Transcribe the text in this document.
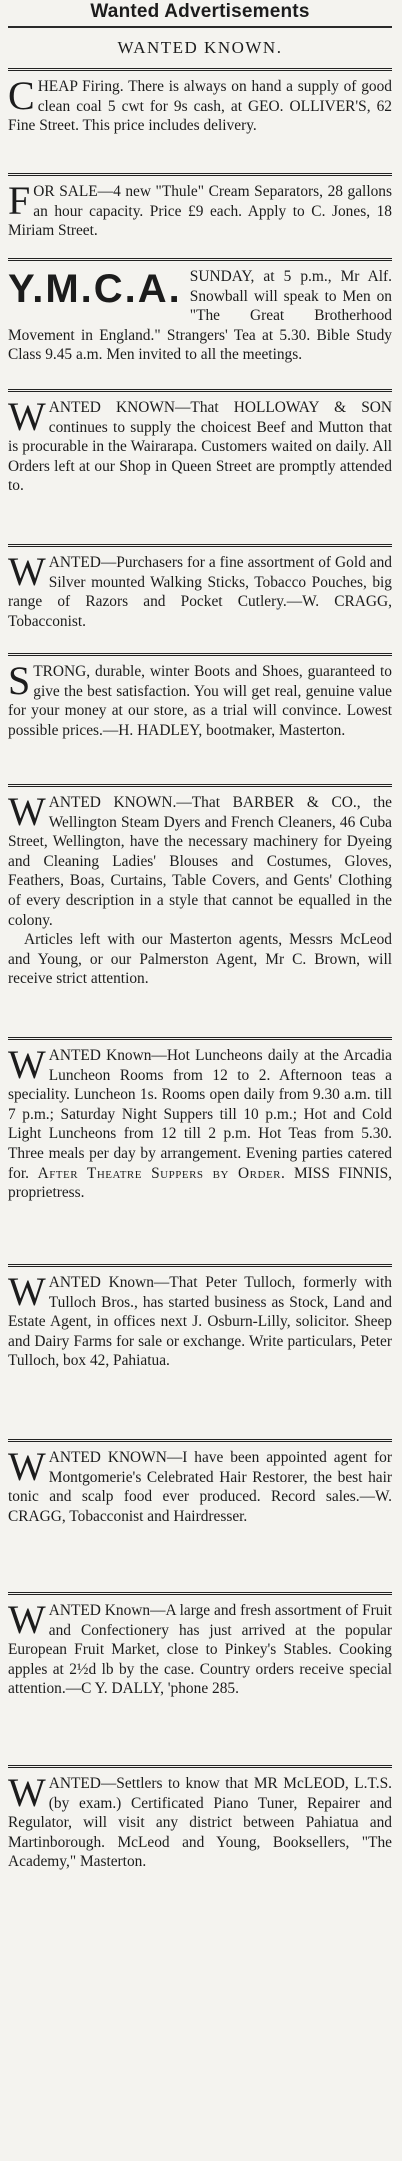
Wanted Advertisements
WANTED KNOWN.
CHEAP Firing. There is always on hand a supply of good clean coal 5 cwt for 9s cash, at GEO. OLLIVER'S, 62 Fine Street. This price includes delivery.
FOR SALE—4 new "Thule" Cream Separators, 28 gallons an hour capacity. Price £9 each. Apply to C. Jones, 18 Miriam Street.
Y.M.C.A. SUNDAY, at 5 p.m., Mr Alf. Snowball will speak to Men on "The Great Brotherhood Movement in England." Strangers' Tea at 5.30. Bible Study Class 9.45 a.m. Men invited to all the meetings.
WANTED KNOWN—That HOLLOWAY & SON continues to supply the choicest Beef and Mutton that is procurable in the Wairarapa. Customers waited on daily. All Orders left at our Shop in Queen Street are promptly attended to.
WANTED—Purchasers for a fine assortment of Gold and Silver mounted Walking Sticks, Tobacco Pouches, big range of Razors and Pocket Cutlery.—W. CRAGG, Tobacconist.
STRONG, durable, winter Boots and Shoes, guaranteed to give the best satisfaction. You will get real, genuine value for your money at our store, as a trial will convince. Lowest possible prices.—H. HADLEY, bootmaker, Masterton.
WANTED KNOWN.—That BARBER & CO., the Wellington Steam Dyers and French Cleaners, 46 Cuba Street, Wellington, have the necessary machinery for Dyeing and Cleaning Ladies' Blouses and Costumes, Gloves, Feathers, Boas, Curtains, Table Covers, and Gents' Clothing of every description in a style that cannot be equalled in the colony.

Articles left with our Masterton agents, Messrs McLeod and Young, or our Palmerston Agent, Mr C. Brown, will receive strict attention.

WANTED Known—Hot Luncheons daily at the Arcadia Luncheon Rooms from 12 to 2. Afternoon teas a speciality. Luncheon 1s. Rooms open daily from 9.30 a.m. till 7 p.m.; Saturday Night Suppers till 10 p.m.; Hot and Cold Light Luncheons from 12 till 2 p.m. Hot Teas from 5.30. Three meals per day by arrangement. Evening parties catered for. After Theatre Suppers by Order. MISS FINNIS, proprietress.
WANTED Known—That Peter Tulloch, formerly with Tulloch Bros., has started business as Stock, Land and Estate Agent, in offices next J. Osburn-Lilly, solicitor. Sheep and Dairy Farms for sale or exchange. Write particulars, Peter Tulloch, box 42, Pahiatua.
WANTED KNOWN—I have been appointed agent for Montgomerie's Celebrated Hair Restorer, the best hair tonic and scalp food ever produced. Record sales.—W. CRAGG, Tobacconist and Hairdresser.
WANTED Known—A large and fresh assortment of Fruit and Confectionery has just arrived at the popular European Fruit Market, close to Pinkey's Stables. Cooking apples at 2½d lb by the case. Country orders receive special attention.—C Y. DALLY, 'phone 285.
WANTED—Settlers to know that MR McLEOD, L.T.S. (by exam.) Certificated Piano Tuner, Repairer and Regulator, will visit any district between Pahiatua and Martinborough. McLeod and Young, Booksellers, "The Academy," Masterton.
